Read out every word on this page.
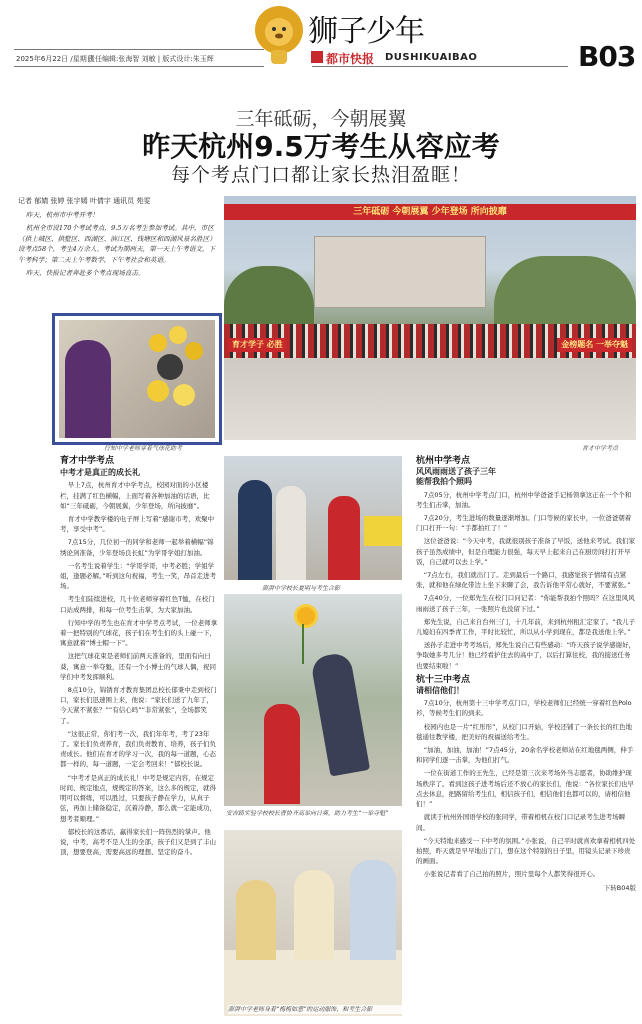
2025年6月22日 /星期日
责任编辑:张海智 刘敏 | 版式设计:朱玉辉
狮子少年
都市快报 DUSHIKUAIBAO	B03
三年砥砺，今朝展翼
昨天杭州9.5万考生从容应考
每个考点门口都让家长热泪盈眶！
记者 郁婧 张婷 张宇嫣 叶倩宇 通讯员 苑雯

昨天，杭州市中考开考！

杭州全市设170个考试考点，9.5万名考生参加考试。其中，市区（拱上城区、拱墅区、西湖区、滨江区、钱塘区和西湖风景名胜区）设考点58个，考生4万余人。考试为期两天，第一天上午考语文，下午考科学；第二天上午考数学，下午考社会和英语。

昨天，快报记者奔赴多个考点现场直击。

三年砥砺 今朝展翼 少年登场 所向披靡
育才学子 必胜	金榜题名 一举夺魁
育才中学考点
行知中学老师穿着气球花助考
育才中学考点
中考才是真正的成长礼

早上7点，杭州育才中学考点，校园对面的小区楼栏，挂满了红色横幅，上面写着各种加油的话语，比如“三年砥砺，今朝展翼，少年登场，所向披靡”。

育才中学教学楼的电子屏上写着“感谢市考，欢聚中考，享受中考”。

7点15分，几位初一的同学和老师一起举着横幅“锦绣论剑准备，少年登场良长虹”为学哥学姐打加油。

一名考生说着学生：“学哥学哥，中考必胜；学姐学姐，逢题必解。”听到这句祝福，考生一笑，昂首走进考场。

考生们陆续进校，几十位老师穿着红色T恤，在校门口站成两排，和每一位考生击掌，为大家加油。

行知中学的考生也在育才中学考点考试，一位老师拿着一把特别的气球花，孩子们在考生们的头上碰一下，寓意就着“博士帽一下”。

这把气球花束是老师们前两天准备的，里面有向日葵，寓意一举夺魁，还有一个小博士的气球人偶，祝同学们中考发挥顺利。

8点10分，锦锈育才教育集团总校长郁秉中走到校门口，家长们迅速围上来，他说：“家长们送了九年了，今天紧不紧张？”“有信心吗”“非常紧张”，全场都笑了。

“这很正常，你们考一次，我们年年考，考了23年了。家长们负责养育，我们负责教育、培养，孩子们负责成长。他们在育才的学习一次，我的每一道题，心态都一样的，每一道题，一定会考回来！”郁校长说。

“中考才是真正的成长礼！中考是规定内容，在规定时间、规定地点，规规定的答案，这么多的规定，就得明可以督练，可以胜过，只要孩子静在学力，从真子弦，再加上储备稳定，沉着冷静，那么就一定能成功，想考者顺理。”

郁校长的这番话，赢得家长们一阵热烈的掌声。他说，中考，高考不是人生的全部，孩子们又是到了丰山顶，想要登高，需要高远的理想、坚定的奋斗。

澎湃中学校长夏明与考生合影
安吉路实验学校校长曹协齐高举向日葵，助力考生“一举夺魁”
澎湃中学老师身着“梅梅如意”的运动服饰，和考生合影
杭州中学考点
风风雨雨送了孩子三年
能帮我拍个照吗

7点05分，杭州中学考点门口，杭州中学爸爸手记杨领拿这正在一个个和考生们击掌，加油。

7点20分，考生进场的数量逐渐增加。门口等候的家长中，一位爸爸朝着门口打开一句：“手都拍红了！”

这位爸爸说：“今天中考，我就很别孩子准备了早饭，送他来考试。我们家孩子虽然成绩中，但是自理能力很强，每天早上起来自己在厨房间打打开早饭，自己就可以去上学。”

“7点左右，我们就出门了。走到最后一个路口，我感觉孩子情绪有点紧张，就和他在绿化带边上坐下来聊了会，我告诉他平常心就好，不要紧张。”

7点40分，一位郑先生在校门口问记者：“你能帮我拍个照吗？在这里风风雨雨送了孩子三年，一张照片也没留下过。”

郑先生说，自己来自台州三门，十几年前，来到杭州租汇定家了。“我儿子儿媳妇在四季青工作，平时比较忙，所以从小学到现在，都是我送他上学。”

送孙子走进中考考场后，郑先生说自己有些感动：“昨天孩子说学感谢好，争取她多考几分！他已经看护住去的高中了，以后打算住校，我的接送任务也要结束啦！”

杭十三中考点
请相信他们！

7点10分，杭州第十三中学考点门口，学校老师们已经统一穿着红色Polo衫，等候考生们的到来。

校园内也是一片“红彤彤”，从校门口开始，学校还铺了一条长长的红色地毯通往教学楼，把美好的祝福送给考生。

“加油，加油，加油！”7点45分，20余名学校老师站在红地毯两侧，伸手和同学们逐一击掌，为他们打气。

一位在街道工作的王先生，已经是第三次来考场外当志愿者，协助维护现场秩序了。看到这孩子进考场后还不放心的家长们，他说：“各位家长们也早点去休息，把路留给考生们，相信孩子们，相信他们也都可以的，请相信他们！”

就读于杭州外国语学校的张同学，带着相机在校门口记录考生进考场瞬间。

“今天特地来感受一下中考的氛围。”小张说，自己平时就喜欢拿着相机四处拍照，昨天就是早早地出了门，想在这个特别的日子里，用镜头记录下珍贵的画面。

小张说记者看了自己拍的照片，照片里每个人都笑得很开心。

下转B04版
